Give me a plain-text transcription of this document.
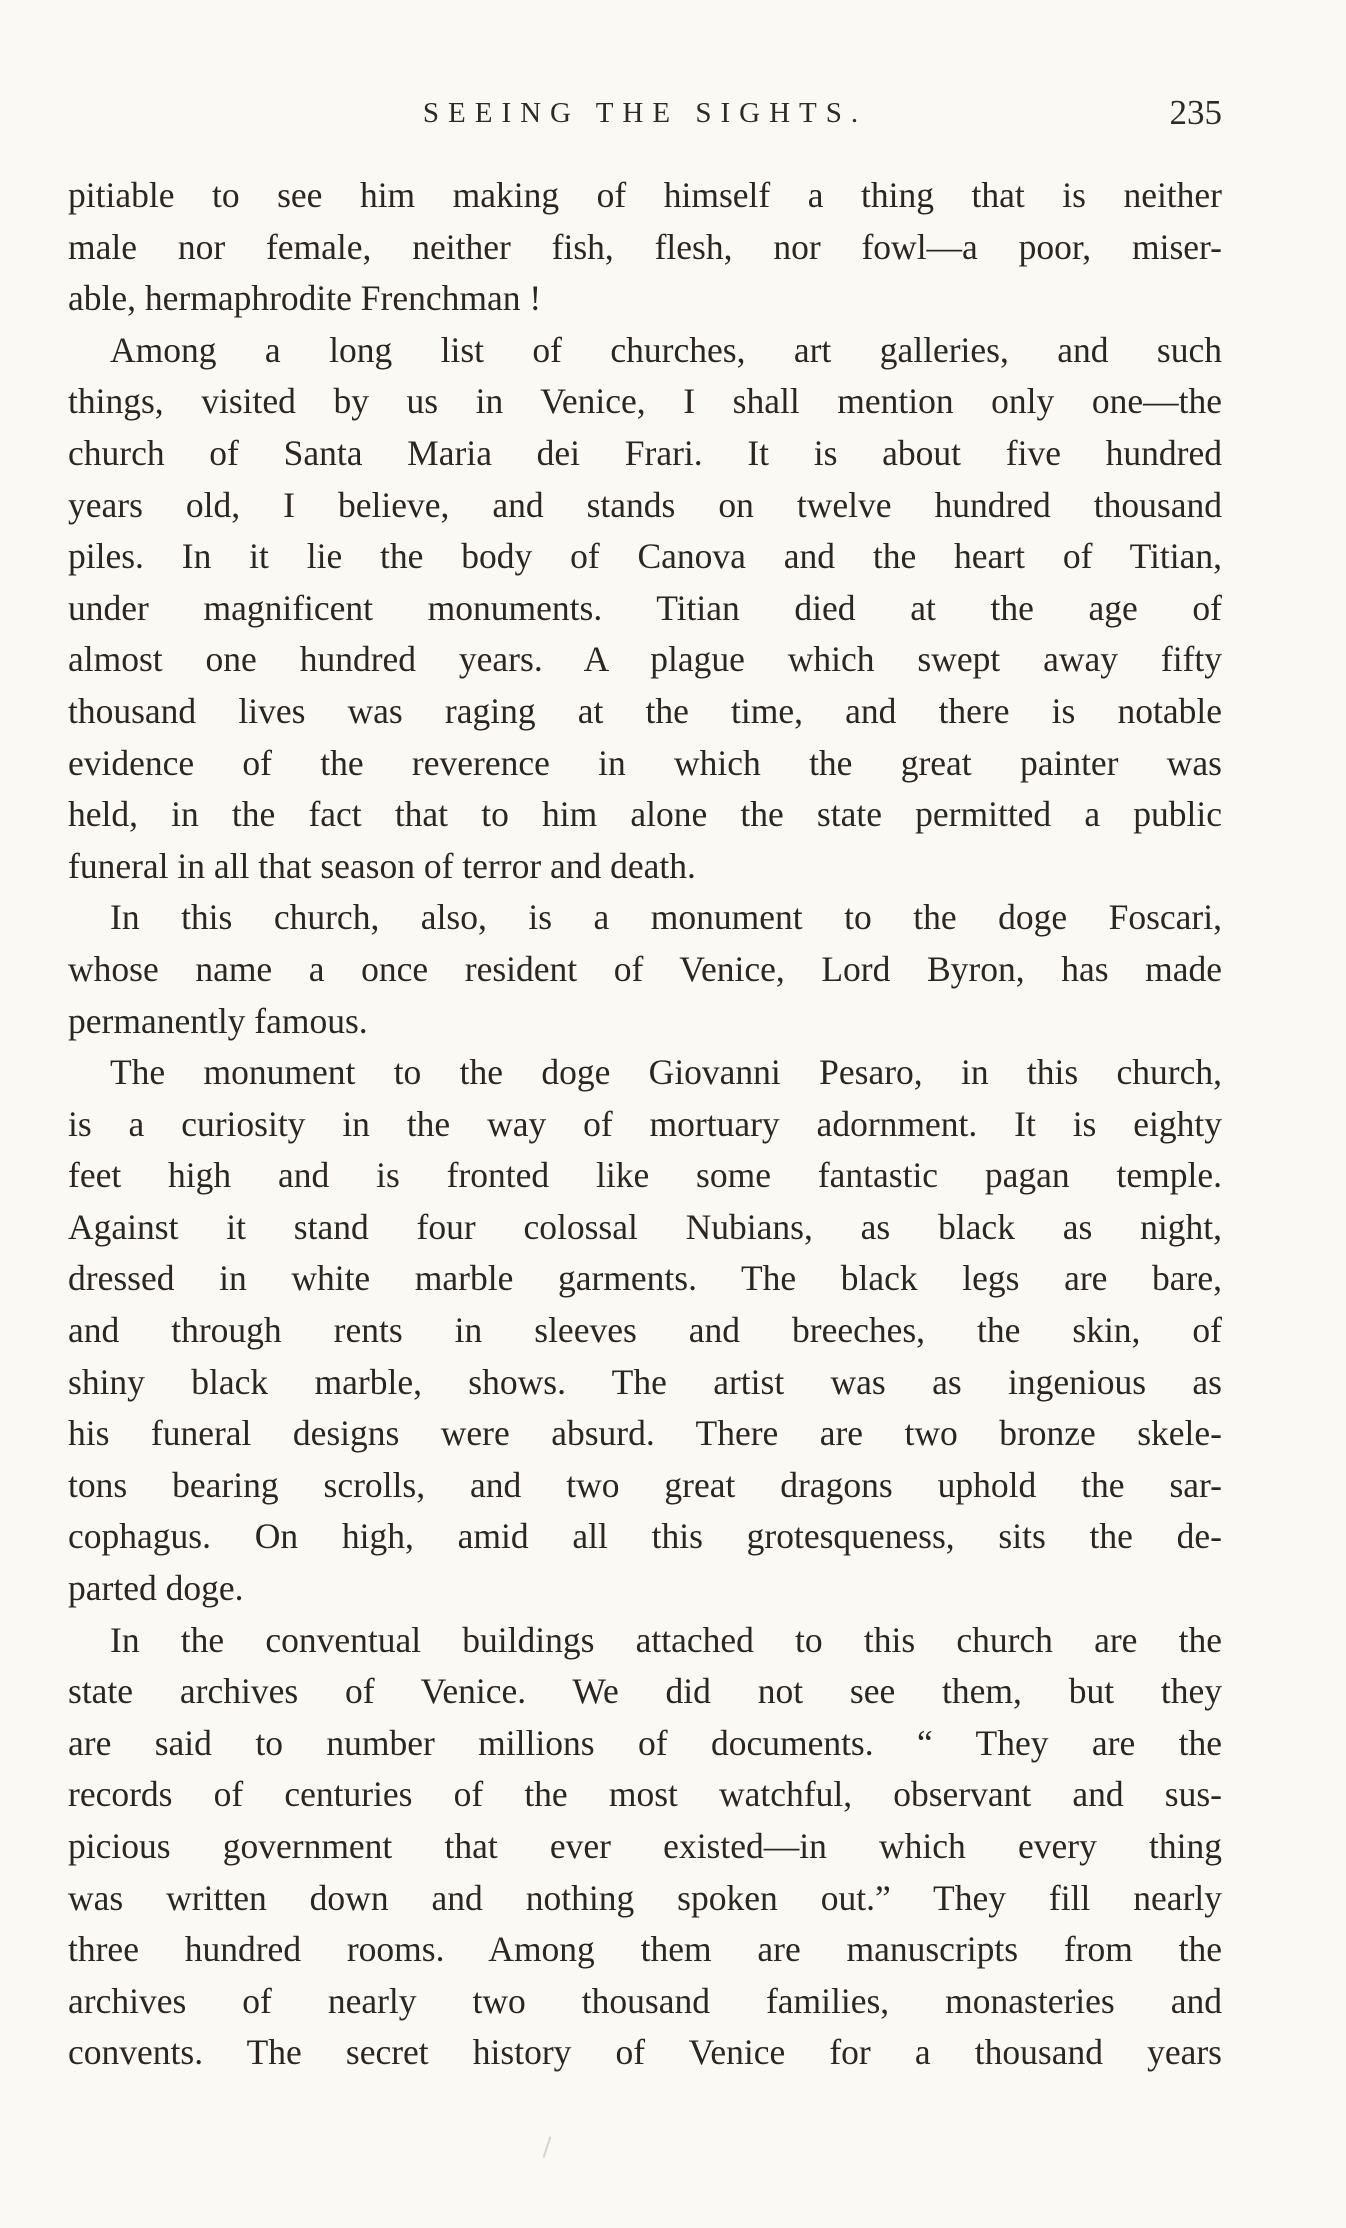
SEEING THE SIGHTS.	235
pitiable to see him making of himself a thing that is neither
male nor female, neither fish, flesh, nor fowl—a poor, miser-
able, hermaphrodite Frenchman !
Among a long list of churches, art galleries, and such
things, visited by us in Venice, I shall mention only one—the
church of Santa Maria dei Frari. It is about five hundred
years old, I believe, and stands on twelve hundred thousand
piles. In it lie the body of Canova and the heart of Titian,
under magnificent monuments. Titian died at the age of
almost one hundred years. A plague which swept away fifty
thousand lives was raging at the time, and there is notable
evidence of the reverence in which the great painter was
held, in the fact that to him alone the state permitted a public
funeral in all that season of terror and death.
In this church, also, is a monument to the doge Foscari,
whose name a once resident of Venice, Lord Byron, has made
permanently famous.
The monument to the doge Giovanni Pesaro, in this church,
is a curiosity in the way of mortuary adornment. It is eighty
feet high and is fronted like some fantastic pagan temple.
Against it stand four colossal Nubians, as black as night,
dressed in white marble garments. The black legs are bare,
and through rents in sleeves and breeches, the skin, of
shiny black marble, shows. The artist was as ingenious as
his funeral designs were absurd. There are two bronze skele-
tons bearing scrolls, and two great dragons uphold the sar-
cophagus. On high, amid all this grotesqueness, sits the de-
parted doge.
In the conventual buildings attached to this church are the
state archives of Venice. We did not see them, but they
are said to number millions of documents. “ They are the
records of centuries of the most watchful, observant and sus-
picious government that ever existed—in which every thing
was written down and nothing spoken out.” They fill nearly
three hundred rooms. Among them are manuscripts from the
archives of nearly two thousand families, monasteries and
convents. The secret history of Venice for a thousand years
